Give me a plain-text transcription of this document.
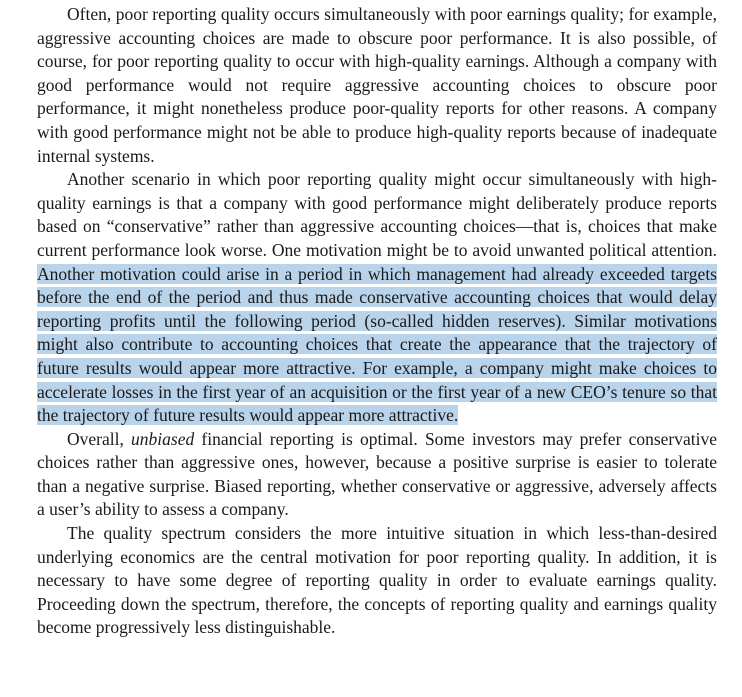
Often, poor reporting quality occurs simultaneously with poor earnings quality; for example, aggressive accounting choices are made to obscure poor performance. It is also possible, of course, for poor reporting quality to occur with high-quality earnings. Although a company with good performance would not require aggressive accounting choices to obscure poor performance, it might nonetheless produce poor-quality reports for other reasons. A company with good performance might not be able to produce high-quality reports because of inadequate internal systems.

Another scenario in which poor reporting quality might occur simultaneously with high-quality earnings is that a company with good performance might deliberately produce reports based on “conservative” rather than aggressive accounting choices—that is, choices that make current performance look worse. One motivation might be to avoid unwanted political attention. Another motivation could arise in a period in which management had already exceeded targets before the end of the period and thus made conservative accounting choices that would delay reporting profits until the following period (so-called hidden reserves). Similar motivations might also contribute to accounting choices that create the appearance that the trajectory of future results would appear more attractive. For example, a company might make choices to accelerate losses in the first year of an acquisition or the first year of a new CEO’s tenure so that the trajectory of future results would appear more attractive.

Overall, unbiased financial reporting is optimal. Some investors may prefer conservative choices rather than aggressive ones, however, because a positive surprise is easier to tolerate than a negative surprise. Biased reporting, whether conservative or aggressive, adversely affects a user’s ability to assess a company.

The quality spectrum considers the more intuitive situation in which less-than-desired underlying economics are the central motivation for poor reporting quality. In addition, it is necessary to have some degree of reporting quality in order to evaluate earnings quality. Proceeding down the spectrum, therefore, the concepts of reporting quality and earnings quality become progressively less distinguishable.
